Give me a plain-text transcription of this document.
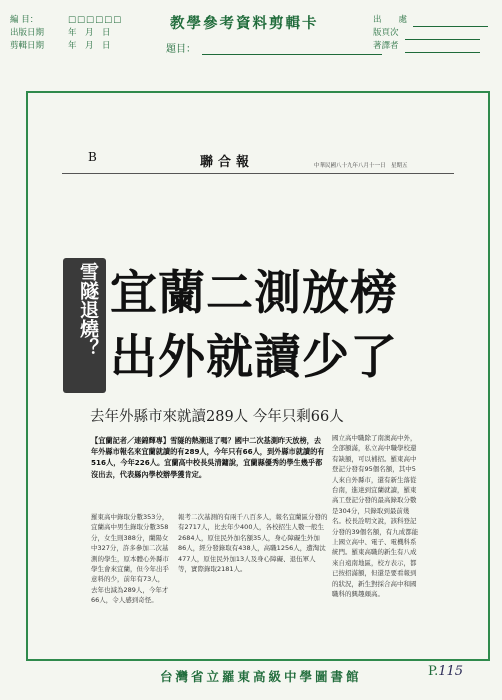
編 目：	□□□□□□
出版日期	年　月　日
剪輯日期	年　月　日
教學參考資料剪輯卡
題目：
出　　處
版頁次
著譯者
B	聯合報	中華民國八十九年八月十一日　星期五
雪隧退燒？ 宜蘭二測放榜
出外就讀少了
去年外縣市來就讀289人 今年只剩66人
【宜蘭記者／連錦輝專】雪隧的熱潮退了嗎？國中二次基測昨天放榜，去年外縣市報名來宜蘭就讀的有289人，今年只有66人，到外縣市就讀的有516人，今年226人。宜蘭高中校長吳清鏞說，宜蘭縣優秀的學生幾乎都沒出去，代表縣內學校辦學獲肯定。
羅東高中錄取分數353分，宜蘭高中男生錄取分數358分，女生則388分，蘭陽女中327分，許多參加二次基測的學生，原本體心外縣市學生會來宜蘭，但今年出乎意料的少，前年有73人，去年也減為289人，今年才66人，令人感到奇怪。
報考二次基測的有兩千八百多人，報名宜蘭區分發的有2717人，比去年少400人，各校招生人數一般生2684人，原住民外加名額35人，身心障礙生外加86人，經分發錄取有438人，高職1256人，遭淘汰477人，原住民外加13人及身心障礙、退伍軍人等，實際錄取2181人。
國立高中職除了南澳高中外，全部額滿，私立高中職學校還有缺額，可以補招。羅東高中登記分發有95個名額，其中5人來自外縣市，還有新生落從台南，進達到宜蘭就讀，羅東高工登記分發的最高錄取分數是304分，只錄取到最前幾名。校長詮明文說，該科登記分發的39個名額，有九成都能上國立高中、電子、電機科系統門。羅東高職的新生有八成來自遠南地區，校方表示，都已按招滿額，但還是要看報到的狀況，新生對採合高中和國職科的興趣頗高。
台灣省立羅東高級中學圖書館	P.115
